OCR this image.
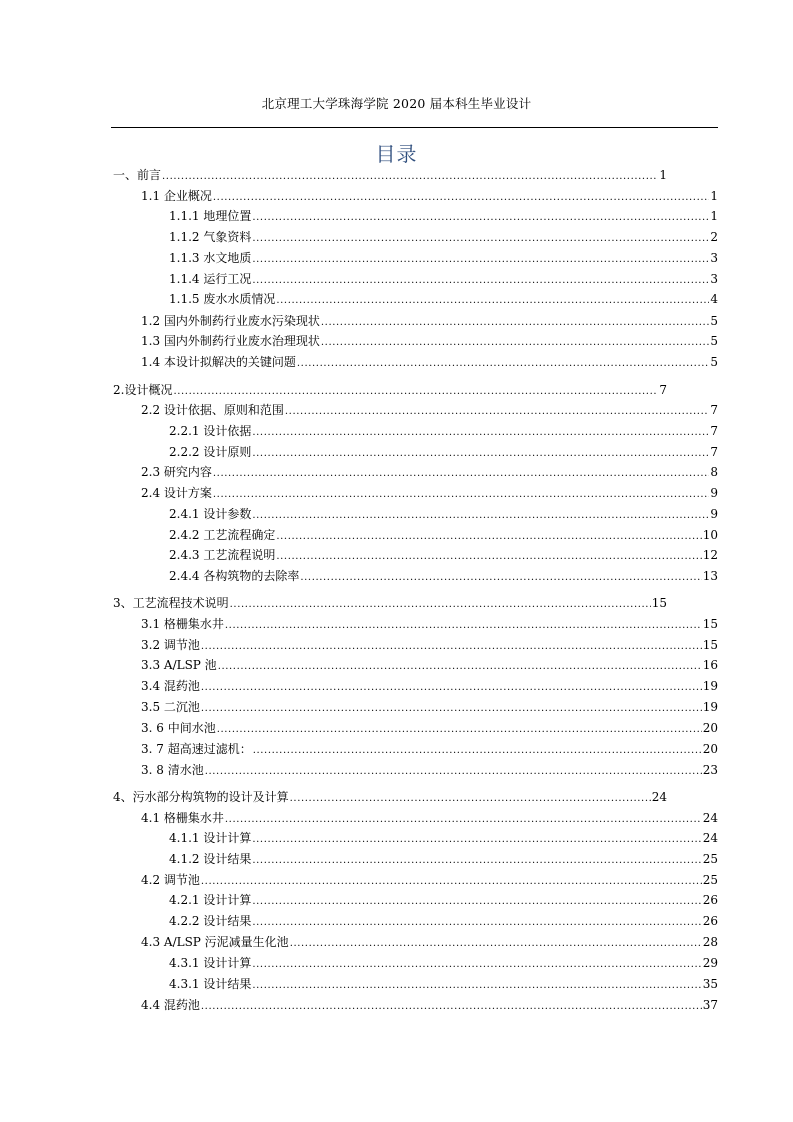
北京理工大学珠海学院 2020 届本科生毕业设计
目录
一、前言 .....	1
1.1 企业概况 .....	1
1.1.1 地理位置 .....	1
1.1.2 气象资料 .....	2
1.1.3 水文地质 .....	3
1.1.4 运行工况 .....	3
1.1.5 废水水质情况 .....	4
1.2 国内外制药行业废水污染现状 .....	5
1.3 国内外制药行业废水治理现状 .....	5
1.4 本设计拟解决的关键问题 .....	5
2.设计概况 .....	7
2.2 设计依据、原则和范围 .....	7
2.2.1 设计依据 .....	7
2.2.2 设计原则 .....	7
2.3 研究内容 .....	8
2.4 设计方案 .....	9
2.4.1 设计参数 .....	9
2.4.2 工艺流程确定 .....	10
2.4.3 工艺流程说明 .....	12
2.4.4 各构筑物的去除率 .....	13
3、工艺流程技术说明 .....	15
3.1 格栅集水井 .....	15
3.2 调节池 .....	15
3.3 A/LSP 池 .....	16
3.4 混药池 .....	19
3.5 二沉池 .....	19
3. 6 中间水池 .....	20
3. 7 超高速过滤机： .....	20
3. 8 清水池 .....	23
4、污水部分构筑物的设计及计算 .....	24
4.1 格栅集水井 .....	24
4.1.1 设计计算 .....	24
4.1.2 设计结果 .....	25
4.2 调节池 .....	25
4.2.1 设计计算 .....	26
4.2.2 设计结果 .....	26
4.3 A/LSP 污泥减量生化池 .....	28
4.3.1 设计计算 .....	29
4.3.1 设计结果 .....	35
4.4 混药池 .....	37
